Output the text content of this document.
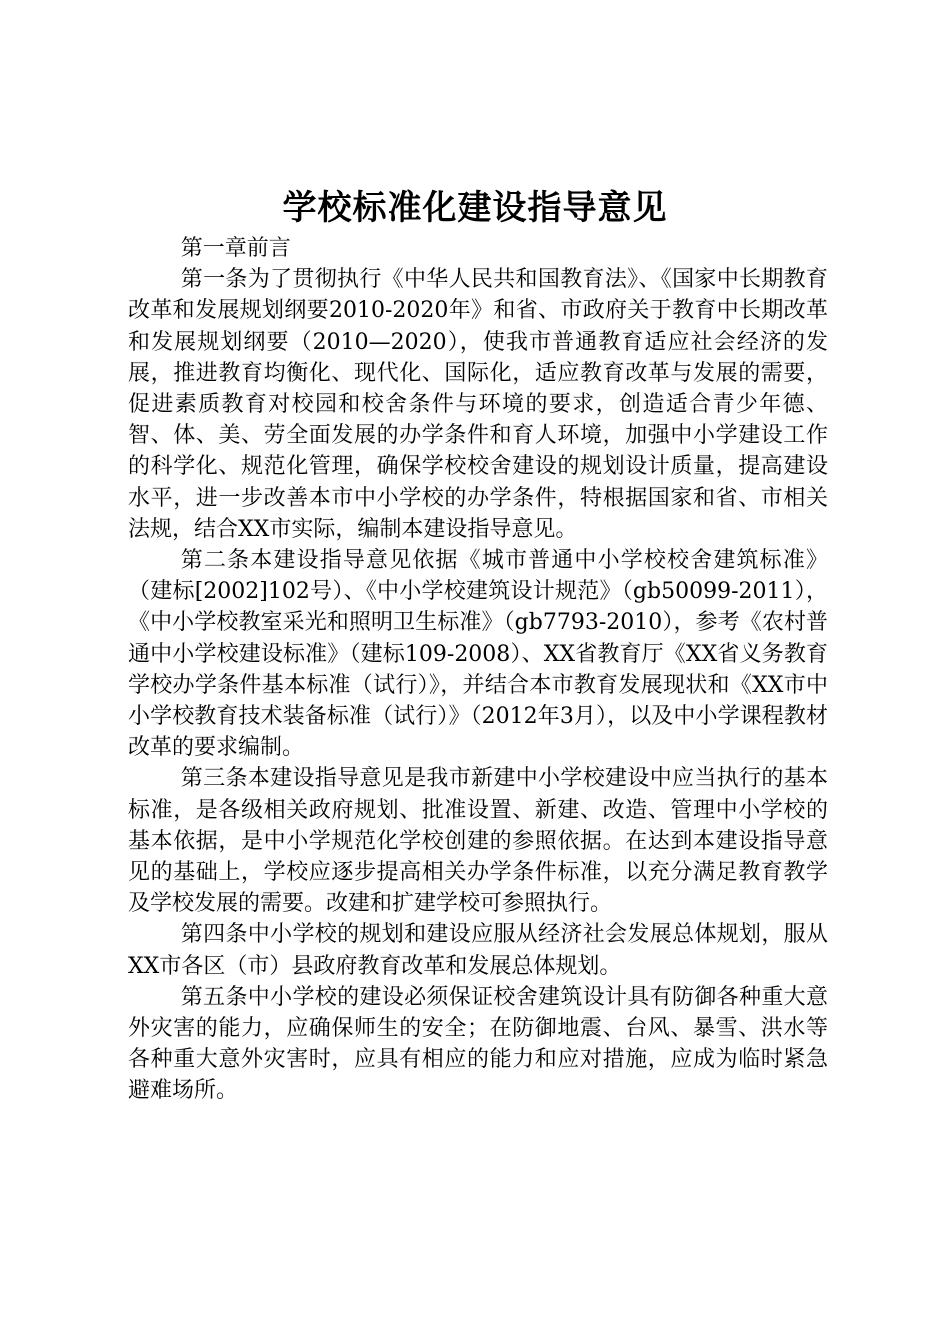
学校标准化建设指导意见

第一章前言

第一条为了贯彻执行《中华人民共和国教育法》、《国家中长期教育改革和发展规划纲要2010-2020年》和省、市政府关于教育中长期改革和发展规划纲要（2010—2020），使我市普通教育适应社会经济的发展，推进教育均衡化、现代化、国际化，适应教育改革与发展的需要，促进素质教育对校园和校舍条件与环境的要求，创造适合青少年德、智、体、美、劳全面发展的办学条件和育人环境，加强中小学建设工作的科学化、规范化管理，确保学校校舍建设的规划设计质量，提高建设水平，进一步改善本市中小学校的办学条件，特根据国家和省、市相关法规，结合XX市实际，编制本建设指导意见。

第二条本建设指导意见依据《城市普通中小学校校舍建筑标准》（建标[2002]102号）、《中小学校建筑设计规范》（gb50099-2011），《中小学校教室采光和照明卫生标准》（gb7793-2010），参考《农村普通中小学校建设标准》（建标109-2008）、XX省教育厅《XX省义务教育学校办学条件基本标准（试行）》，并结合本市教育发展现状和《XX市中小学校教育技术装备标准（试行）》（2012年3月），以及中小学课程教材改革的要求编制。

第三条本建设指导意见是我市新建中小学校建设中应当执行的基本标准，是各级相关政府规划、批准设置、新建、改造、管理中小学校的基本依据，是中小学规范化学校创建的参照依据。在达到本建设指导意见的基础上，学校应逐步提高相关办学条件标准，以充分满足教育教学及学校发展的需要。改建和扩建学校可参照执行。

第四条中小学校的规划和建设应服从经济社会发展总体规划，服从XX市各区（市）县政府教育改革和发展总体规划。

第五条中小学校的建设必须保证校舍建筑设计具有防御各种重大意外灾害的能力，应确保师生的安全；在防御地震、台风、暴雪、洪水等各种重大意外灾害时，应具有相应的能力和应对措施，应成为临时紧急避难场所。
